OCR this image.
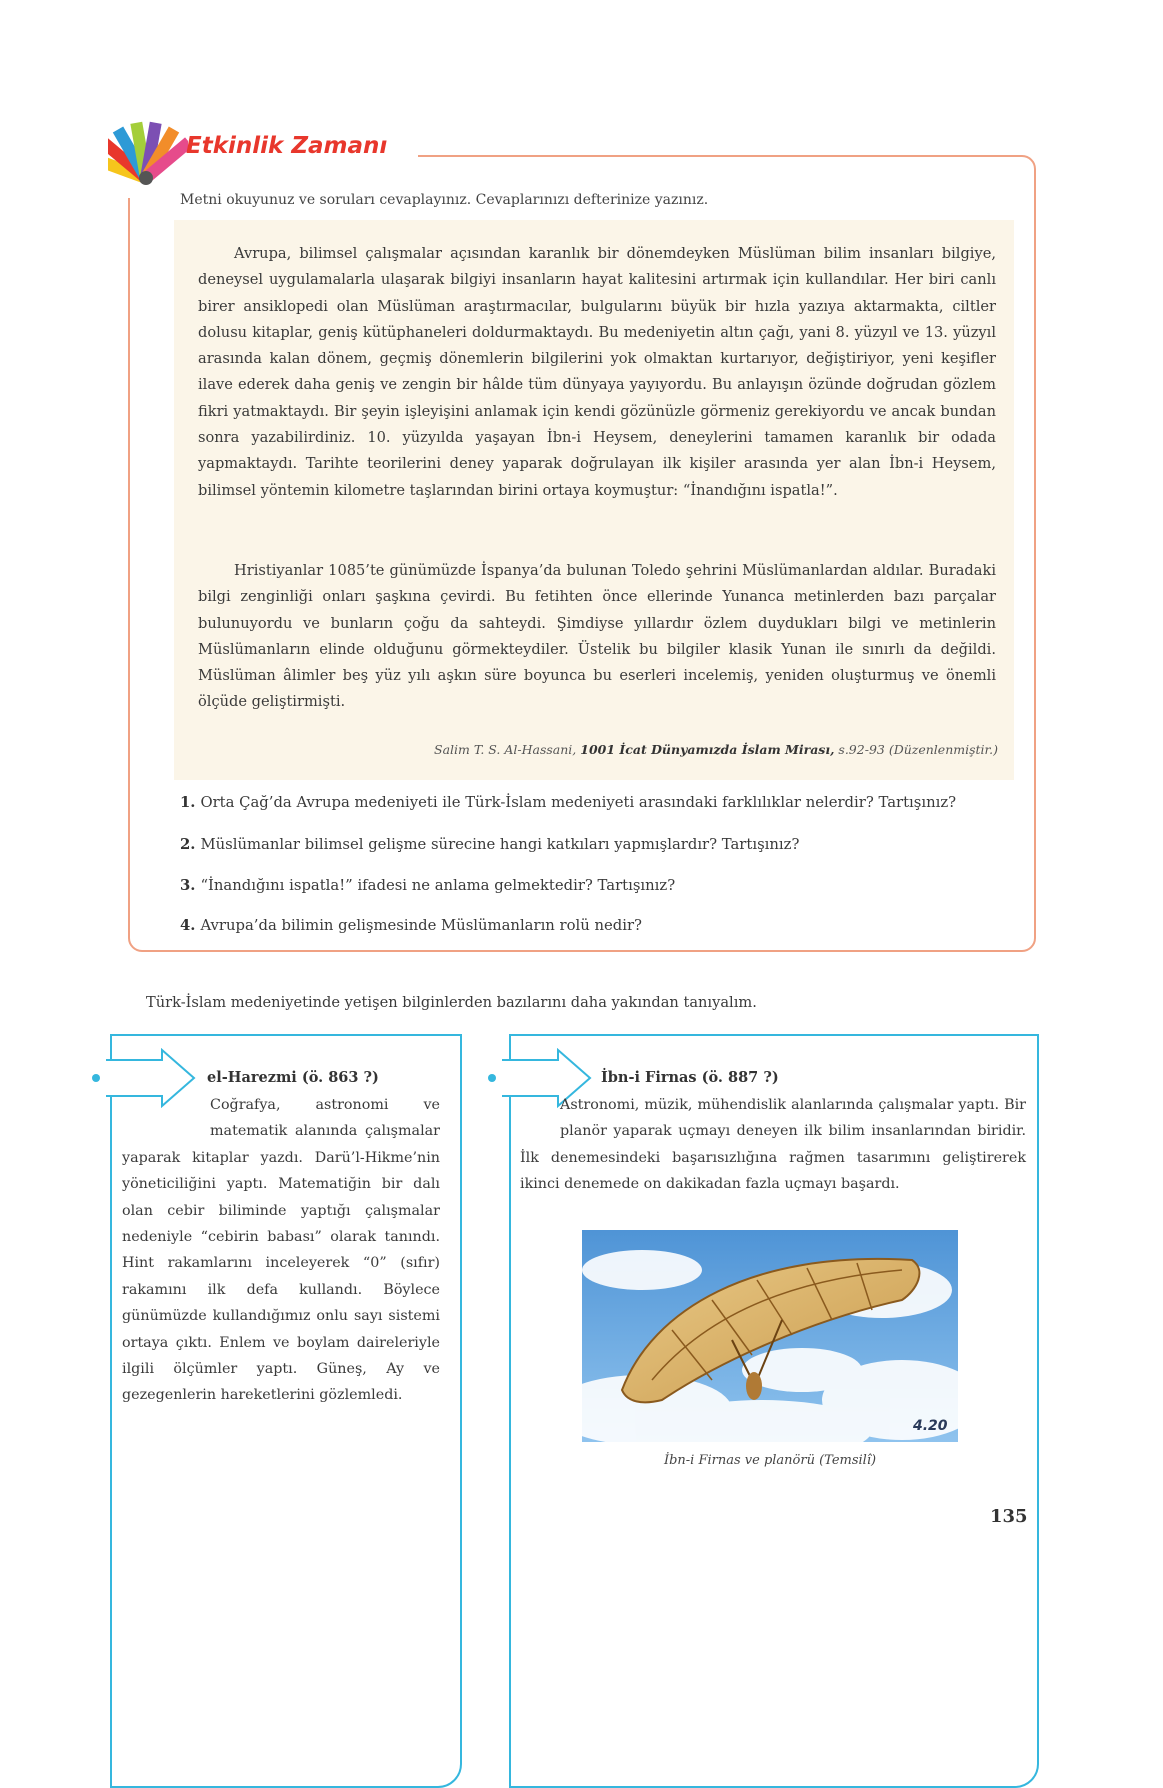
Etkinlik Zamanı
Metni okuyunuz ve soruları cevaplayınız. Cevaplarınızı defterinize yazınız.

Avrupa, bilimsel çalışmalar açısından karanlık bir dönemdeyken Müslüman bilim insanları bilgiye, deneysel uygulamalarla ulaşarak bilgiyi insanların hayat kalitesini artırmak için kullandılar. Her biri canlı birer ansiklopedi olan Müslüman araştırmacılar, bulgularını büyük bir hızla yazıya aktarmakta, ciltler dolusu kitaplar, geniş kütüphaneleri doldurmaktaydı. Bu medeniyetin altın çağı, yani 8. yüzyıl ve 13. yüzyıl arasında kalan dönem, geçmiş dönemlerin bilgilerini yok olmaktan kurtarıyor, değiştiriyor, yeni keşifler ilave ederek daha geniş ve zengin bir hâlde tüm dünyaya yayıyordu. Bu anlayışın özünde doğrudan gözlem fikri yatmaktaydı. Bir şeyin işleyişini anlamak için kendi gözünüzle görmeniz gerekiyordu ve ancak bundan sonra yazabilirdiniz. 10. yüzyılda yaşayan İbn-i Heysem, deneylerini tamamen karanlık bir odada yapmaktaydı. Tarihte teorilerini deney yaparak doğrulayan ilk kişiler arasında yer alan İbn-i Heysem, bilimsel yöntemin kilometre taşlarından birini ortaya koymuştur: “İnandığını ispatla!”.

Hristiyanlar 1085’te günümüzde İspanya’da bulunan Toledo şehrini Müslümanlardan aldılar. Buradaki bilgi zenginliği onları şaşkına çevirdi. Bu fetihten önce ellerinde Yunanca metinlerden bazı parçalar bulunuyordu ve bunların çoğu da sahteydi. Şimdiyse yıllardır özlem duydukları bilgi ve metinlerin Müslümanların elinde olduğunu görmekteydiler. Üstelik bu bilgiler klasik Yunan ile sınırlı da değildi. Müslüman âlimler beş yüz yılı aşkın süre boyunca bu eserleri incelemiş, yeniden oluşturmuş ve önemli ölçüde geliştirmişti.

Salim T. S. Al-Hassani, 1001 İcat Dünyamızda İslam Mirası, s.92-93 (Düzenlenmiştir.)
1. Orta Çağ’da Avrupa medeniyeti ile Türk-İslam medeniyeti arasındaki farklılıklar nelerdir? Tartışınız?
2. Müslümanlar bilimsel gelişme sürecine hangi katkıları yapmışlardır? Tartışınız?
3. “İnandığını ispatla!” ifadesi ne anlama gelmektedir? Tartışınız?
4. Avrupa’da bilimin gelişmesinde Müslümanların rolü nedir?
Türk-İslam medeniyetinde yetişen bilginlerden bazılarını daha yakından tanıyalım.
el-Harezmi (ö. 863 ?)
Coğrafya, astronomi ve matematik alanında çalışmalar yaparak kitaplar yazdı. Darü’l-Hikme’nin yöneticiliğini yaptı. Matematiğin bir dalı olan cebir biliminde yaptığı çalışmalar nedeniyle “cebirin babası” olarak tanındı. Hint rakamlarını inceleyerek “0” (sıfır) rakamını ilk defa kullandı. Böylece günümüzde kullandığımız onlu sayı sistemi ortaya çıktı. Enlem ve boylam daireleriyle ilgili ölçümler yaptı. Güneş, Ay ve gezegenlerin hareketlerini gözlemledi.
İbn-i Firnas (ö. 887 ?)
Astronomi, müzik, mühendislik alanlarında çalışmalar yaptı. Bir planör yaparak uçmayı deneyen ilk bilim insanlarından biridir. İlk denemesindeki başarısızlığına rağmen tasarımını geliştirerek ikinci denemede on dakikadan fazla uçmayı başardı.
4.20
İbn-i Firnas ve planörü (Temsilî)
135
